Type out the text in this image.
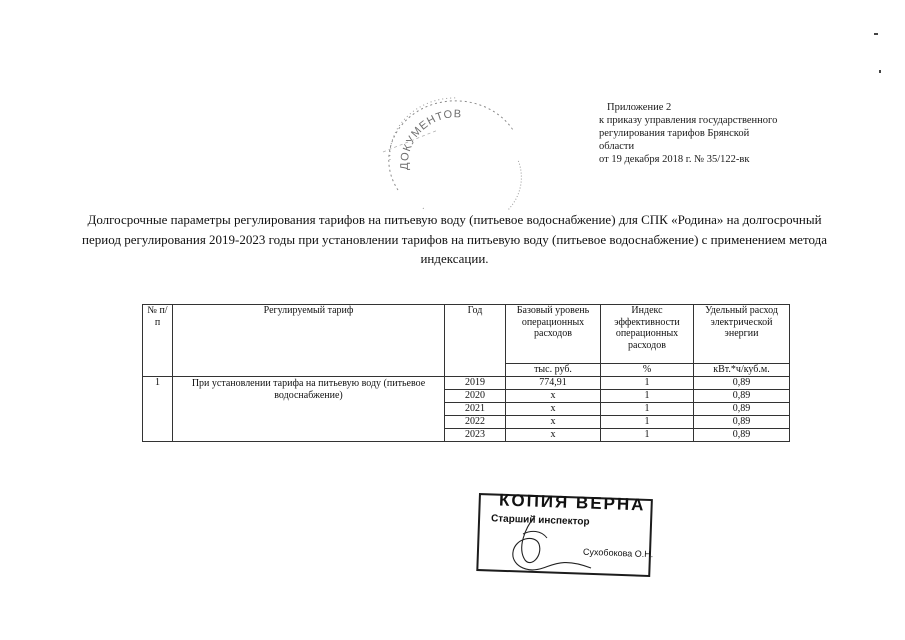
Приложение 2
к приказу управления государственного
регулирования тарифов Брянской
области
от 19 декабря 2018 г. № 35/122-вк
ДОКУМЕНТОВ
Долгосрочные параметры регулирования тарифов на питьевую воду (питьевое водоснабжение) для СПК «Родина» на долгосрочный период регулирования 2019-2023 годы при установлении тарифов на питьевую воду (питьевое водоснабжение) с применением метода индексации.
№ п/п	Регулируемый тариф	Год	Базовый уровень операционных расходов	Индекс эффективности операционных расходов	Удельный расход электрической энергии
			тыс. руб.	%	кВт.*ч/куб.м.
1	При установлении тарифа на питьевую воду (питьевое водоснабжение)	2019	774,91	1	0,89
		2020	х	1	0,89
		2021	х	1	0,89
		2022	х	1	0,89
		2023	х	1	0,89
КОПИЯ ВЕРНА
Старший инспектор
Сухобокова О.Н.
